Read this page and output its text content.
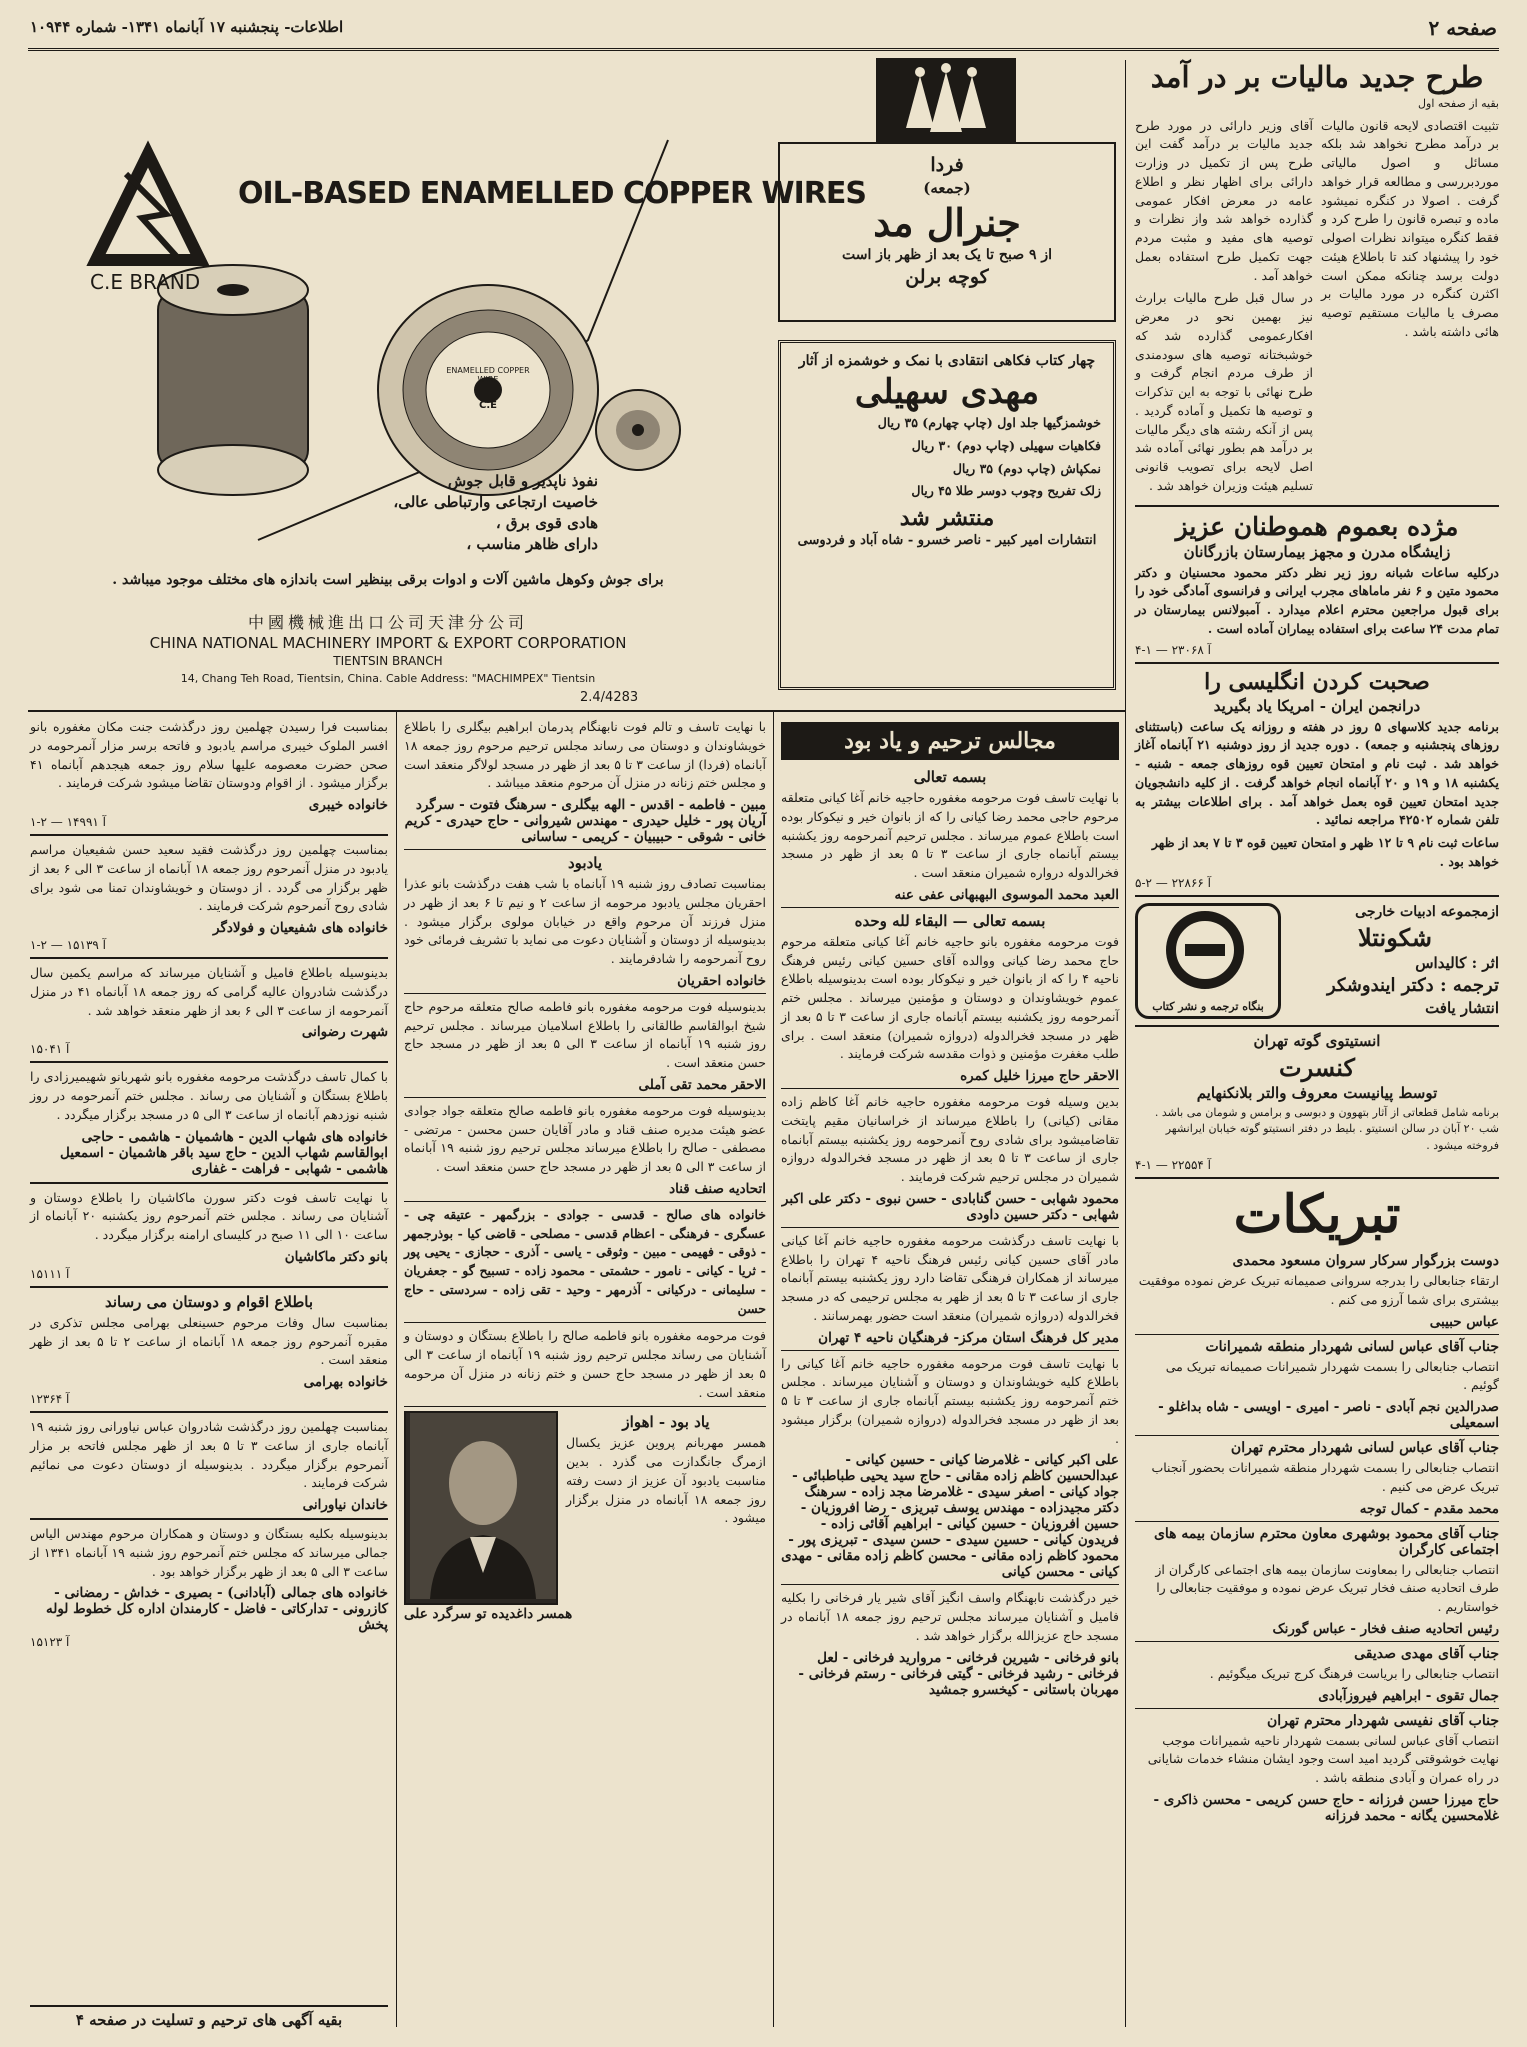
صفحه ۲
اطلاعات- پنجشنبه ۱۷ آبانماه ۱۳۴۱- شماره ۱۰۹۴۴
طرح جدید مالیات بر در آمد

بقیه از صفحه اول

تثبیت اقتصادی لایحه قانون مالیات بر درآمد مطرح نخواهد شد بلکه مسائل و اصول مالیاتی موردبررسی و مطالعه قرار خواهد گرفت . اصولا در کنگره نمیشود ماده و تبصره قانون را طرح کرد و فقط کنگره میتواند نظرات اصولی خود را پیشنهاد کند تا باطلاع هیئت دولت برسد چنانکه ممکن است اکثرن کنگره در مورد مالیات بر مصرف یا مالیات مستقیم توصیه هائی داشته باشد .

آقای وزیر دارائی در مورد طرح جدید مالیات بر درآمد گفت این طرح پس از تکمیل در وزارت دارائی برای اظهار نظر و اطلاع عامه در معرض افکار عمومی گذارده خواهد شد واز نظرات و توصیه های مفید و مثبت مردم جهت تکمیل طرح استفاده بعمل خواهد آمد .

در سال قبل طرح مالیات برارث نیز بهمین نحو در معرض افکارعمومی گذارده شد که خوشبختانه توصیه های سودمندی از طرف مردم انجام گرفت و طرح نهائی با توجه به این تذکرات و توصیه ها تکمیل و آماده گردید . پس از آنکه رشته های دیگر مالیات بر درآمد هم بطور نهائی آماده شد اصل لایحه برای تصویب قانونی تسلیم هیئت وزیران خواهد شد .

مژده بعموم هموطنان عزیز
زایشگاه مدرن و مجهز بیمارستان بازرگانان

درکلیه ساعات شبانه روز زیر نظر دکتر محمود محسنیان و دکتر محمود متین و ۶ نفر ماماهای مجرب ایرانی و فرانسوی آمادگی خود را برای قبول مراجعین محترم اعلام میدارد . آمبولانس بیمارستان در تمام مدت ۲۴ ساعت برای استفاده بیماران آماده است .

آ ۲۳۰۶۸ — ۱-۴

صحبت کردن انگلیسی را
درانجمن ایران - امریکا یاد بگیرید

برنامه جدید کلاسهای ۵ روز در هفته و روزانه یک ساعت (باستثنای روزهای پنجشنبه و جمعه) . دوره جدید از روز دوشنبه ۲۱ آبانماه آغاز خواهد شد . ثبت نام و امتحان تعیین قوه روزهای جمعه - شنبه - یکشنبه ۱۸ و ۱۹ و ۲۰ آبانماه انجام خواهد گرفت . از کلیه دانشجویان جدید امتحان تعیین قوه بعمل خواهد آمد . برای اطلاعات بیشتر به تلفن شماره ۴۲۵۰۲ مراجعه نمائید .

ساعات ثبت نام ۹ تا ۱۲ ظهر و امتحان تعیین قوه ۳ تا ۷ بعد از ظهر خواهد بود .

آ ۲۲۸۶۶ — ۲-۵

ازمجموعه ادبیات خارجی
شکونتلا
اثر : کالیداس
ترجمه : دکتر ایندوشکر
انتشار یافت
بنگاه ترجمه و نشر کتاب
انستیتوی گوته تهران
کنسرت
توسط پیانیست معروف والتر بلانکنهایم

برنامه شامل قطعاتی از آثار بتهوون و دبوسی و برامس و شومان می باشد . شب ۲۰ آبان در سالن انستیتو . بلیط در دفتر انستیتو گوته خیابان ایرانشهر فروخته میشود .

آ ۲۲۵۵۴ — ۱-۴

تبریکات
دوست بزرگوار سرکار سروان مسعود محمدی

ارتقاء جنابعالی را بدرجه سروانی صمیمانه تبریک عرض نموده موفقیت بیشتری برای شما آرزو می کنم .

عباس حبیبی
جناب آقای عباس لسانی شهردار منطقه شمیرانات

انتصاب جنابعالی را بسمت شهردار شمیرانات صمیمانه تبریک می گوئیم .

صدرالدین نجم آبادی - ناصر - امیری - اویسی - شاه بداغلو - اسمعیلی
جناب آقای عباس لسانی شهردار محترم تهران

انتصاب جنابعالی را بسمت شهردار منطقه شمیرانات بحضور آنجناب تبریک عرض می کنیم .

محمد مقدم - کمال توجه
جناب آقای محمود بوشهری معاون محترم سازمان بیمه های اجتماعی کارگران

انتصاب جنابعالی را بمعاونت سازمان بیمه های اجتماعی کارگران از طرف اتحادیه صنف فخار تبریک عرض نموده و موفقیت جنابعالی را خواستاریم .

رئیس اتحادیه صنف فخار - عباس گورنک
جناب آقای مهدی صدیقی

انتصاب جنابعالی را بریاست فرهنگ کرج تبریک میگوئیم .

جمال تقوی - ابراهیم فیروزآبادی
جناب آقای نفیسی شهردار محترم تهران

انتصاب آقای عباس لسانی بسمت شهردار ناحیه شمیرانات موجب نهایت خوشوقتی گردید امید است وجود ایشان منشاء خدمات شایانی در راه عمران و آبادی منطقه باشد .

حاج میرزا حسن فرزانه - حاج حسن کریمی - محسن ذاکری - غلامحسین یگانه - محمد فرزانه
فردا
(جمعه)
جنرال مد
از ۹ صبح تا یک بعد از ظهر باز است
کوچه برلن
چهار کتاب فکاهی انتقادی با نمک و خوشمزه از آثار
مهدی سهیلی
خوشمزگیها جلد اول (چاپ چهارم) ۳۵ ریال
فکاهیات سهیلی (چاپ دوم) ۳۰ ریال
نمکپاش (چاپ دوم) ۳۵ ریال
زلک تفریح وچوب دوسر طلا ۴۵ ریال
منتشر شد
انتشارات امیر کبیر - ناصر خسرو - شاه آباد و فردوسی
OIL-BASED ENAMELLED COPPER WIRES
C.E BRAND
ENAMELLED COPPER WIRE
C.E
نفوذ ناپذیر و قابل جوش
خاصیت ارتجاعی وارتباطی عالی،
هادی قوی برق ،
دارای ظاهر مناسب ،
برای جوش وکوهل ماشین آلات و ادوات برقی بینظیر است باندازه های مختلف موجود میباشد .
中國機械進出口公司天津分公司
CHINA NATIONAL MACHINERY IMPORT & EXPORT CORPORATION
TIENTSIN BRANCH
14, Chang Teh Road, Tientsin, China. Cable Address: "MACHIMPEX" Tientsin
2.4/4283
مجالس ترحیم و یاد بود
بسمه تعالی

با نهایت تاسف فوت مرحومه مغفوره حاجیه خانم آغا کیانی متعلقه مرحوم حاجی محمد رضا کیانی را که از بانوان خیر و نیکوکار بوده است باطلاع عموم میرساند . مجلس ترحیم آنمرحومه روز یکشنبه بیستم آبانماه جاری از ساعت ۳ تا ۵ بعد از ظهر در مسجد فخرالدوله درواره شمیران منعقد است .

العبد محمد الموسوی البهبهانی عفی عنه
بسمه تعالی — البقاء لله وحده

فوت مرحومه مغفوره بانو حاجیه خانم آغا کیانی متعلقه مرحوم حاج محمد رضا کیانی ووالده آقای حسین کیانی رئیس فرهنگ ناحیه ۴ را که از بانوان خیر و نیکوکار بوده است بدینوسیله باطلاع عموم خویشاوندان و دوستان و مؤمنین میرساند . مجلس ختم آنمرحومه روز یکشنبه بیستم آبانماه جاری از ساعت ۳ تا ۵ بعد از ظهر در مسجد فخرالدوله (دروازه شمیران) منعقد است . برای طلب مغفرت مؤمنین و ذوات مقدسه شرکت فرمایند .

الاحقر حاج میرزا خلیل کمره

بدین وسیله فوت مرحومه مغفوره حاجیه خانم آغا کاظم زاده مقانی (کیانی) را باطلاع میرساند از خراسانیان مقیم پایتخت تقاضامیشود برای شادی روح آنمرحومه روز یکشنبه بیستم آبانماه جاری از ساعت ۳ تا ۵ بعد از ظهر در مسجد فخرالدوله دروازه شمیران در مجلس ترحیم شرکت فرمایند .

محمود شهابی - حسن گنابادی - حسن نبوی - دکتر علی اکبر شهابی - دکتر حسین داودی

با نهایت تاسف درگذشت مرحومه مغفوره حاجیه خانم آغا کیانی مادر آقای حسین کیانی رئیس فرهنگ ناحیه ۴ تهران را باطلاع میرساند از همکاران فرهنگی تقاضا دارد روز یکشنبه بیستم آبانماه جاری از ساعت ۳ تا ۵ بعد از ظهر به مجلس ترحیمی که در مسجد فخرالدوله (دروازه شمیران) منعقد است حضور بهمرسانند .

مدیر کل فرهنگ استان مرکز- فرهنگیان ناحیه ۴ تهران

با نهایت تاسف فوت مرحومه مغفوره حاجیه خانم آغا کیانی را باطلاع کلیه خویشاوندان و دوستان و آشنایان میرساند . مجلس ختم آنمرحومه روز یکشنبه بیستم آبانماه جاری از ساعت ۳ تا ۵ بعد از ظهر در مسجد فخرالدوله (دروازه شمیران) برگزار میشود .

علی اکبر کیانی - غلامرضا کیانی - حسین کیانی - عبدالحسین کاظم زاده مقانی - حاج سید یحیی طباطبائی - جواد کیانی - اصغر سیدی - غلامرضا مجد زاده - سرهنگ دکتر مجیدزاده - مهندس یوسف تبریزی - رضا افروزیان - حسین افروزیان - حسین کیانی - ابراهیم آقائی زاده - فریدون کیانی - حسین سیدی - حسن سیدی - تبریزی پور - محمود کاظم زاده مقانی - محسن کاظم زاده مقانی - مهدی کیانی - محسن کیانی

خیر درگذشت نابهنگام واسف انگیز آقای شیر یار فرخانی را بکلیه فامیل و آشنایان میرساند مجلس ترحیم روز جمعه ۱۸ آبانماه در مسجد حاج عزیزالله برگزار خواهد شد .

بانو فرخانی - شیرین فرخانی - مروارید فرخانی - لعل فرخانی - رشید فرخانی - گیتی فرخانی - رستم فرخانی - مهربان باستانی - کیخسرو جمشید

با نهایت تاسف و تالم فوت نابهنگام پدرمان ابراهیم بیگلری را باطلاع خویشاوندان و دوستان می رساند مجلس ترحیم مرحوم روز جمعه ۱۸ آبانماه (فردا) از ساعت ۳ تا ۵ بعد از ظهر در مسجد لولاگر منعقد است و مجلس ختم زنانه در منزل آن مرحوم منعقد میباشد .

مبین - فاطمه - اقدس - الهه بیگلری - سرهنگ فتوت - سرگرد آریان پور - خلیل حیدری - مهندس شیروانی - حاج حیدری - کریم خانی - شوقی - حبیبیان - کریمی - ساسانی
یادبود

بمناسبت تصادف روز شنبه ۱۹ آبانماه با شب هفت درگذشت بانو عذرا احقریان مجلس یادبود مرحومه از ساعت ۲ و نیم تا ۶ بعد از ظهر در منزل فرزند آن مرحوم واقع در خیابان مولوی برگزار میشود . بدینوسیله از دوستان و آشنایان دعوت می نماید با تشریف فرمائی خود روح آنمرحومه را شادفرمایند .

خانواده احقریان

بدینوسیله فوت مرحومه مغفوره بانو فاطمه صالح متعلقه مرحوم حاج شیخ ابوالقاسم طالقانی را باطلاع اسلامیان میرساند . مجلس ترحیم روز شنبه ۱۹ آبانماه از ساعت ۳ الی ۵ بعد از ظهر در مسجد حاج حسن منعقد است .

الاحقر محمد تقی آملی

بدینوسیله فوت مرحومه مغفوره بانو فاطمه صالح متعلقه جواد جوادی عضو هیئت مدیره صنف قناد و مادر آقایان حسن محسن - مرتضی - مصطفی - صالح را باطلاع میرساند مجلس ترحیم روز شنبه ۱۹ آبانماه از ساعت ۳ الی ۵ بعد از ظهر در مسجد حاج حسن منعقد است .

اتحادیه صنف قناد

خانواده های صالح - قدسی - جوادی - بزرگمهر - عتیقه چی - عسگری - فرهنگی - اعظام قدسی - مصلحی - قاضی کیا - بوذرجمهر - ذوقی - فهیمی - مبین - وثوقی - یاسی - آذری - حجازی - یحیی پور - ثریا - کیانی - نامور - حشمتی - محمود زاده - تسبیح گو - جعفریان - سلیمانی - درکیانی - آذرمهر - وحید - تقی زاده - سردستی - حاج حسن

فوت مرحومه مغفوره بانو فاطمه صالح را باطلاع بستگان و دوستان و آشنایان می رساند مجلس ترحیم روز شنبه ۱۹ آبانماه از ساعت ۳ الی ۵ بعد از ظهر در مسجد حاج حسن و ختم زنانه در منزل آن مرحومه منعقد است .

یاد بود - اهواز

همسر مهربانم پروین عزیز یکسال ازمرگ جانگدازت می گذرد . بدین مناسبت یادبود آن عزیز از دست رفته روز جمعه ۱۸ آبانماه در منزل برگزار میشود .

همسر داغدیده تو سرگرد علی

بمناسبت فرا رسیدن چهلمین روز درگذشت جنت مکان مغفوره بانو افسر الملوک خیبری مراسم یادبود و فاتحه برسر مزار آنمرحومه در صحن حضرت معصومه علیها سلام روز جمعه هیجدهم آبانماه ۴۱ برگزار میشود . از اقوام ودوستان تقاضا میشود شرکت فرمایند .

خانواده خیبری

آ ۱۴۹۹۱ — ۲-۱

بمناسبت چهلمین روز درگذشت فقید سعید حسن شفیعیان مراسم یادبود در منزل آنمرحوم روز جمعه ۱۸ آبانماه از ساعت ۳ الی ۶ بعد از ظهر برگزار می گردد . از دوستان و خویشاوندان تمنا می شود برای شادی روح آنمرحوم شرکت فرمایند .

خانواده های شفیعیان و فولادگر

آ ۱۵۱۳۹ — ۲-۱

بدینوسیله باطلاع فامیل و آشنایان میرساند که مراسم یکمین سال درگذشت شادروان عالیه گرامی که روز جمعه ۱۸ آبانماه ۴۱ در منزل آنمرحومه از ساعت ۳ الی ۶ بعد از ظهر منعقد خواهد شد .

شهرت رضوانی

آ ۱۵۰۴۱

با کمال تاسف درگذشت مرحومه مغفوره بانو شهربانو شهیمیرزادی را باطلاع بستگان و آشنایان می رساند . مجلس ختم آنمرحومه در روز شنبه نوزدهم آبانماه از ساعت ۳ الی ۵ در مسجد برگزار میگردد .

خانواده های شهاب الدین - هاشمیان - هاشمی - حاجی ابوالقاسم شهاب الدین - حاج سید باقر هاشمیان - اسمعیل هاشمی - شهابی - فراهت - غفاری

با نهایت تاسف فوت دکتر سورن ماکاشیان را باطلاع دوستان و آشنایان می رساند . مجلس ختم آنمرحوم روز یکشنبه ۲۰ آبانماه از ساعت ۱۰ الی ۱۱ صبح در کلیسای ارامنه برگزار میگردد .

بانو دکتر ماکاشیان

آ ۱۵۱۱۱

باطلاع اقوام و دوستان می رساند

بمناسبت سال وفات مرحوم حسینعلی بهرامی مجلس تذکری در مقبره آنمرحوم روز جمعه ۱۸ آبانماه از ساعت ۲ تا ۵ بعد از ظهر منعقد است .

خانواده بهرامی

آ ۱۲۳۶۴

بمناسبت چهلمین روز درگذشت شادروان عباس نیاورانی روز شنبه ۱۹ آبانماه جاری از ساعت ۳ تا ۵ بعد از ظهر مجلس فاتحه بر مزار آنمرحوم برگزار میگردد . بدینوسیله از دوستان دعوت می نمائیم شرکت فرمایند .

خاندان نیاورانی

بدینوسیله بکلیه بستگان و دوستان و همکاران مرحوم مهندس الیاس جمالی میرساند که مجلس ختم آنمرحوم روز شنبه ۱۹ آبانماه ۱۳۴۱ از ساعت ۳ الی ۵ بعد از ظهر برگزار خواهد بود .

خانواده های جمالی (آبادانی) - بصیری - خداش - رمضانی - کازرونی - تدارکاتی - فاضل - کارمندان اداره کل خطوط لوله پخش

آ ۱۵۱۲۳

بقیه آگهی های ترحیم و تسلیت در صفحه ۴
